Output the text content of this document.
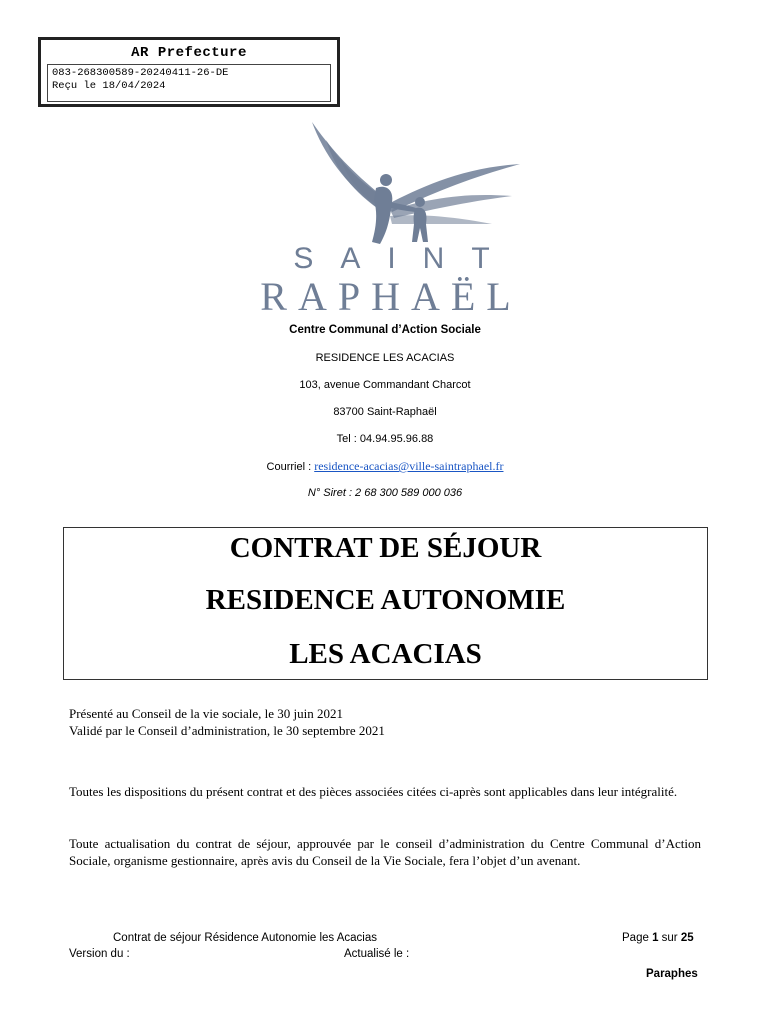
AR Prefecture
083-268300589-20240411-26-DE
Reçu le 18/04/2024
SAINT
RAPHAËL
Centre Communal d’Action Sociale
RESIDENCE LES ACACIAS
103, avenue Commandant Charcot
83700 Saint-Raphaël
Tel : 04.94.95.96.88
Courriel : residence-acacias@ville-saintraphael.fr
N° Siret : 2 68 300 589 000 036
CONTRAT DE SÉJOUR
RESIDENCE AUTONOMIE
LES ACACIAS
Présenté au Conseil de la vie sociale, le 30 juin 2021
Validé par le Conseil d’administration, le 30 septembre 2021
Toutes les dispositions du présent contrat et des pièces associées citées ci-après sont applicables dans leur intégralité.
Toute actualisation du contrat de séjour, approuvée par le conseil d’administration du Centre Communal d’Action Sociale, organisme gestionnaire, après avis du Conseil de la Vie Sociale, fera l’objet d’un avenant.
Contrat de séjour Résidence Autonomie les Acacias	Page 1 sur 25
Version du :	Actualisé le :
Paraphes
